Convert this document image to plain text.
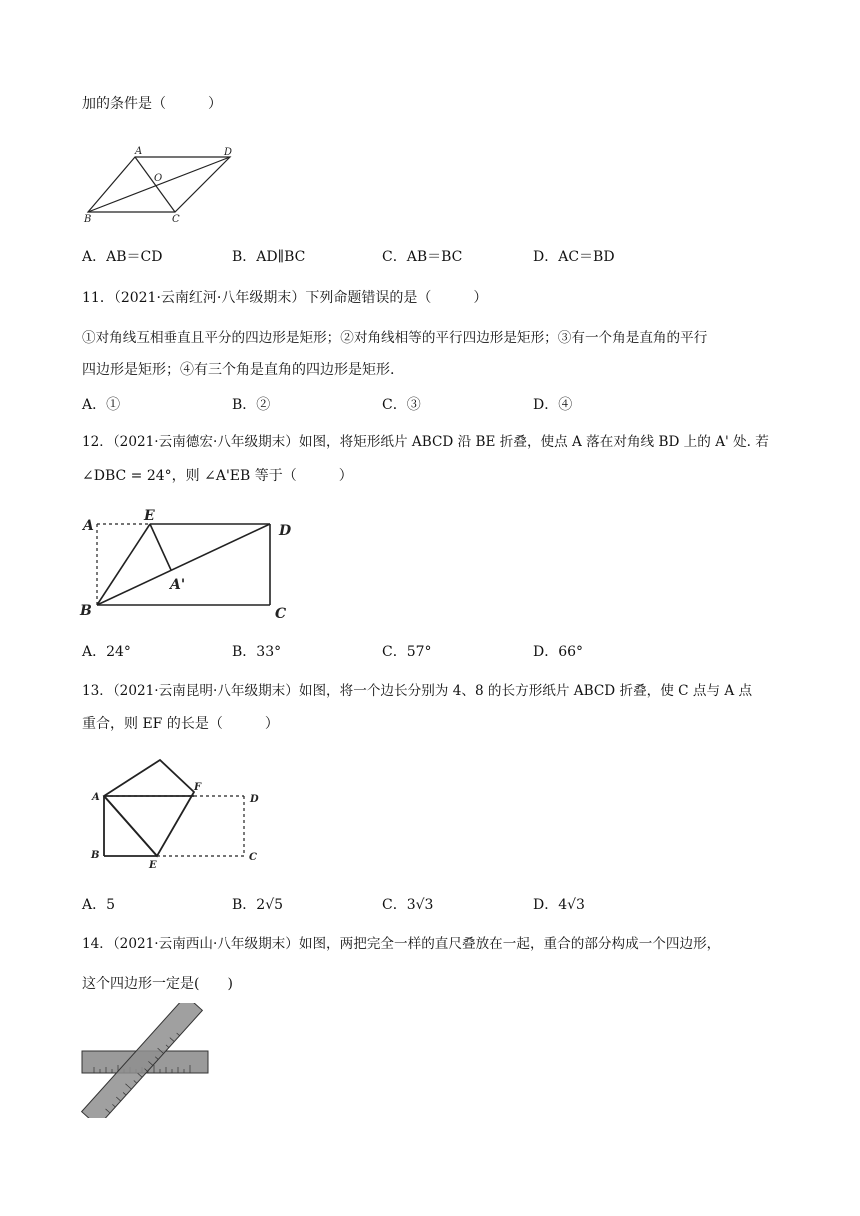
加的条件是（　　　）
A	D
O
B	C
A．AB＝CD	B．AD∥BC	C．AB＝BC	D．AC＝BD
11．（2021·云南红河·八年级期末）下列命题错误的是（　　　）
①对角线互相垂直且平分的四边形是矩形；②对角线相等的平行四边形是矩形；③有一个角是直角的平行
四边形是矩形；④有三个角是直角的四边形是矩形.
A．①	B．②	C．③	D．④
12．（2021·云南德宏·八年级期末）如图，将矩形纸片 ABCD 沿 BE 折叠，使点 A 落在对角线 BD 上的 A' 处. 若
∠DBC = 24°，则 ∠A'EB 等于（　　　）
A
E
D
A'
B	C
A．24°	B．33°	C．57°	D．66°
13．（2021·云南昆明·八年级期末）如图，将一个边长分别为 4、8 的长方形纸片 ABCD 折叠，使 C 点与 A 点
重合，则 EF 的长是（　　　）
A
F
D
B
E
C
A．5	B．2√5	C．3√3	D．4√3
14．（2021·云南西山·八年级期末）如图，两把完全一样的直尺叠放在一起，重合的部分构成一个四边形，
这个四边形一定是(　　)
